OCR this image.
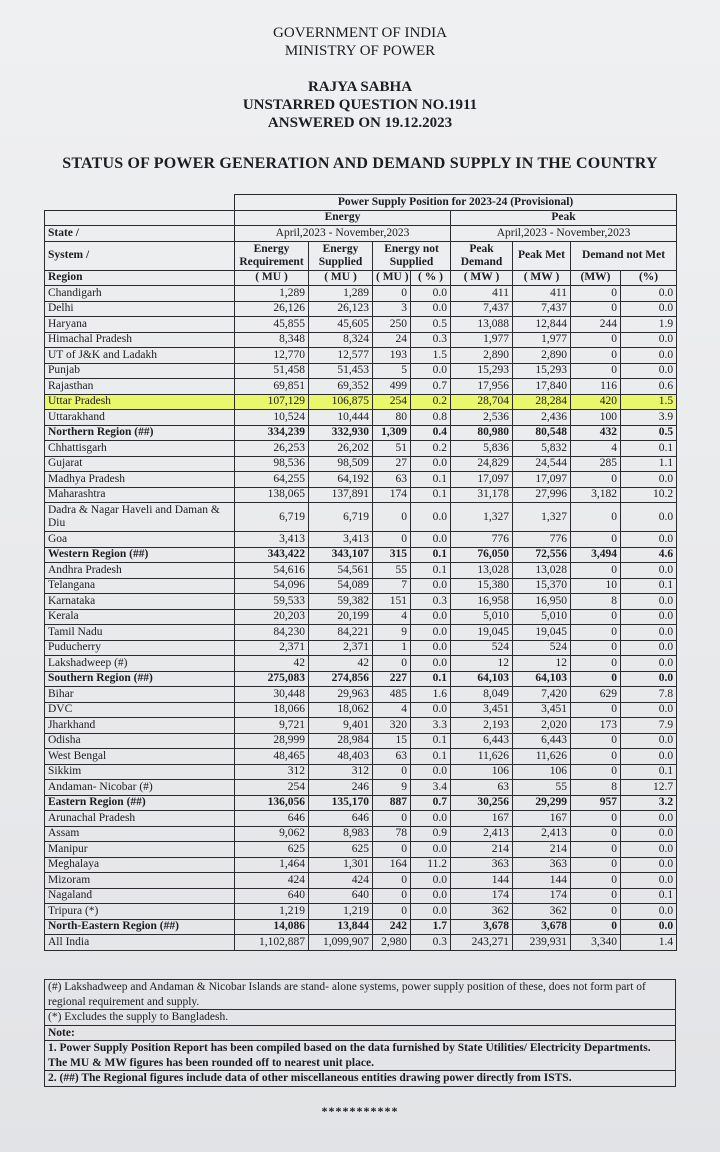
GOVERNMENT OF INDIA
MINISTRY OF POWER
RAJYA SABHA
UNSTARRED QUESTION NO.1911
ANSWERED ON 19.12.2023
STATUS OF POWER GENERATION AND DEMAND SUPPLY IN THE COUNTRY
	Power Supply Position for 2023-24 (Provisional)							
	Energy				Peak			
State /	April,2023 - November,2023				April,2023 - November,2023			
System /	Energy Requirement	Energy Supplied	Energy not Supplied		Peak Demand	Peak Met	Demand not Met	
Region	( MU )	( MU )	( MU )	( % )	( MW )	( MW )	(MW)	(%)
Chandigarh	1,289	1,289	0	0.0	411	411	0	0.0
Delhi	26,126	26,123	3	0.0	7,437	7,437	0	0.0
Haryana	45,855	45,605	250	0.5	13,088	12,844	244	1.9
Himachal Pradesh	8,348	8,324	24	0.3	1,977	1,977	0	0.0
UT of J&K and Ladakh	12,770	12,577	193	1.5	2,890	2,890	0	0.0
Punjab	51,458	51,453	5	0.0	15,293	15,293	0	0.0
Rajasthan	69,851	69,352	499	0.7	17,956	17,840	116	0.6
Uttar Pradesh	107,129	106,875	254	0.2	28,704	28,284	420	1.5
Uttarakhand	10,524	10,444	80	0.8	2,536	2,436	100	3.9
Northern Region (##)	334,239	332,930	1,309	0.4	80,980	80,548	432	0.5
Chhattisgarh	26,253	26,202	51	0.2	5,836	5,832	4	0.1
Gujarat	98,536	98,509	27	0.0	24,829	24,544	285	1.1
Madhya Pradesh	64,255	64,192	63	0.1	17,097	17,097	0	0.0
Maharashtra	138,065	137,891	174	0.1	31,178	27,996	3,182	10.2
Dadra & Nagar Haveli and Daman & Diu	6,719	6,719	0	0.0	1,327	1,327	0	0.0
Goa	3,413	3,413	0	0.0	776	776	0	0.0
Western Region (##)	343,422	343,107	315	0.1	76,050	72,556	3,494	4.6
Andhra Pradesh	54,616	54,561	55	0.1	13,028	13,028	0	0.0
Telangana	54,096	54,089	7	0.0	15,380	15,370	10	0.1
Karnataka	59,533	59,382	151	0.3	16,958	16,950	8	0.0
Kerala	20,203	20,199	4	0.0	5,010	5,010	0	0.0
Tamil Nadu	84,230	84,221	9	0.0	19,045	19,045	0	0.0
Puducherry	2,371	2,371	1	0.0	524	524	0	0.0
Lakshadweep (#)	42	42	0	0.0	12	12	0	0.0
Southern Region (##)	275,083	274,856	227	0.1	64,103	64,103	0	0.0
Bihar	30,448	29,963	485	1.6	8,049	7,420	629	7.8
DVC	18,066	18,062	4	0.0	3,451	3,451	0	0.0
Jharkhand	9,721	9,401	320	3.3	2,193	2,020	173	7.9
Odisha	28,999	28,984	15	0.1	6,443	6,443	0	0.0
West Bengal	48,465	48,403	63	0.1	11,626	11,626	0	0.0
Sikkim	312	312	0	0.0	106	106	0	0.1
Andaman- Nicobar (#)	254	246	9	3.4	63	55	8	12.7
Eastern Region (##)	136,056	135,170	887	0.7	30,256	29,299	957	3.2
Arunachal Pradesh	646	646	0	0.0	167	167	0	0.0
Assam	9,062	8,983	78	0.9	2,413	2,413	0	0.0
Manipur	625	625	0	0.0	214	214	0	0.0
Meghalaya	1,464	1,301	164	11.2	363	363	0	0.0
Mizoram	424	424	0	0.0	144	144	0	0.0
Nagaland	640	640	0	0.0	174	174	0	0.1
Tripura (*)	1,219	1,219	0	0.0	362	362	0	0.0
North-Eastern Region (##)	14,086	13,844	242	1.7	3,678	3,678	0	0.0
All India	1,102,887	1,099,907	2,980	0.3	243,271	239,931	3,340	1.4
(#) Lakshadweep and Andaman & Nicobar Islands are stand- alone systems, power supply position of these, does not form part of regional requirement and supply.
(*) Excludes the supply to Bangladesh.
Note:
1. Power Supply Position Report has been compiled based on the data furnished by State Utilities/ Electricity Departments. The MU & MW figures has been rounded off to nearest unit place.
2. (##) The Regional figures include data of other miscellaneous entities drawing power directly from ISTS.
***********
